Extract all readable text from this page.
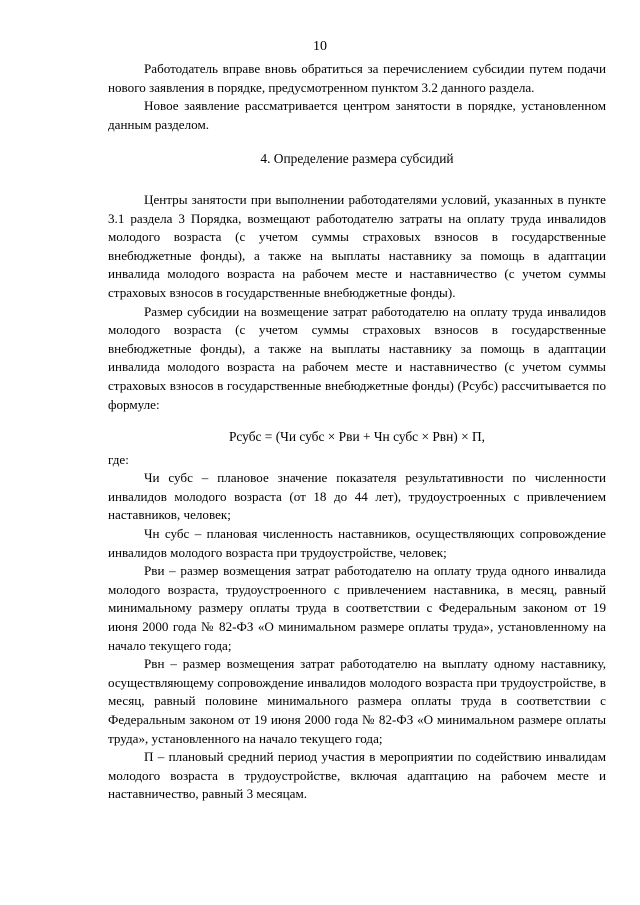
10

Работодатель вправе вновь обратиться за перечислением субсидии путем подачи нового заявления в порядке, предусмотренном пунктом 3.2 данного раздела.

Новое заявление рассматривается центром занятости в порядке, установленном данным разделом.

4. Определение размера субсидий

Центры занятости при выполнении работодателями условий, указанных в пункте 3.1 раздела 3 Порядка, возмещают работодателю затраты на оплату труда инвалидов молодого возраста (с учетом суммы страховых взносов в государственные внебюджетные фонды), а также на выплаты наставнику за помощь в адаптации инвалида молодого возраста на рабочем месте и наставничество (с учетом суммы страховых взносов в государственные внебюджетные фонды).

Размер субсидии на возмещение затрат работодателю на оплату труда инвалидов молодого возраста (с учетом суммы страховых взносов в государственные внебюджетные фонды), а также на выплаты наставнику за помощь в адаптации инвалида молодого возраста на рабочем месте и наставничество (с учетом суммы страховых взносов в государственные внебюджетные фонды) (Рсубс) рассчитывается по формуле:

Рсубс = (Чи субс × Рви + Чн субс × Рвн) × П,

где:

Чи субс – плановое значение показателя результативности по численности инвалидов молодого возраста (от 18 до 44 лет), трудоустроенных с привлечением наставников, человек;

Чн субс – плановая численность наставников, осуществляющих сопровождение инвалидов молодого возраста при трудоустройстве, человек;

Рви – размер возмещения затрат работодателю на оплату труда одного инвалида молодого возраста, трудоустроенного с привлечением наставника, в месяц, равный минимальному размеру оплаты труда в соответствии с Федеральным законом от 19 июня 2000 года № 82-ФЗ «О минимальном размере оплаты труда», установленному на начало текущего года;

Рвн – размер возмещения затрат работодателю на выплату одному наставнику, осуществляющему сопровождение инвалидов молодого возраста при трудоустройстве, в месяц, равный половине минимального размера оплаты труда в соответствии с Федеральным законом от 19 июня 2000 года № 82-ФЗ «О минимальном размере оплаты труда», установленного на начало текущего года;

П – плановый средний период участия в мероприятии по содействию инвалидам молодого возраста в трудоустройстве, включая адаптацию на рабочем месте и наставничество, равный 3 месяцам.
